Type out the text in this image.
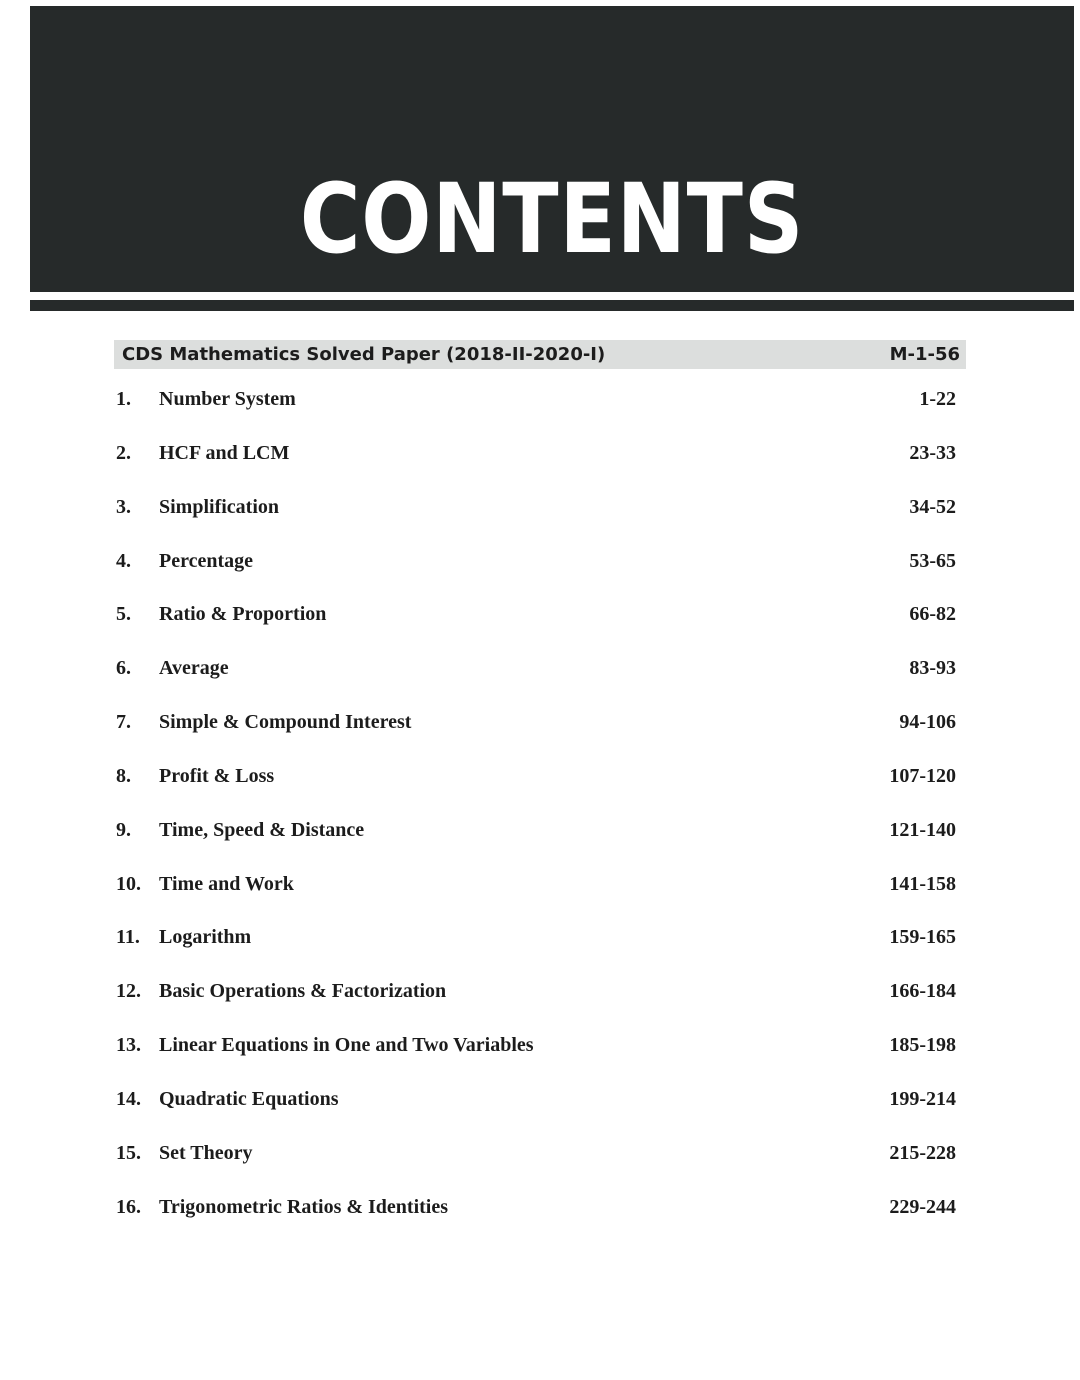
CONTENTS
CDS Mathematics Solved Paper (2018-II-2020-I)	M-1-56
1. Number System	1-22
2. HCF and LCM	23-33
3. Simplification	34-52
4. Percentage	53-65
5. Ratio & Proportion	66-82
6. Average	83-93
7. Simple & Compound Interest	94-106
8. Profit & Loss	107-120
9. Time, Speed & Distance	121-140
10. Time and Work	141-158
11. Logarithm	159-165
12. Basic Operations & Factorization	166-184
13. Linear Equations in One and Two Variables	185-198
14. Quadratic Equations	199-214
15. Set Theory	215-228
16. Trigonometric Ratios & Identities	229-244
